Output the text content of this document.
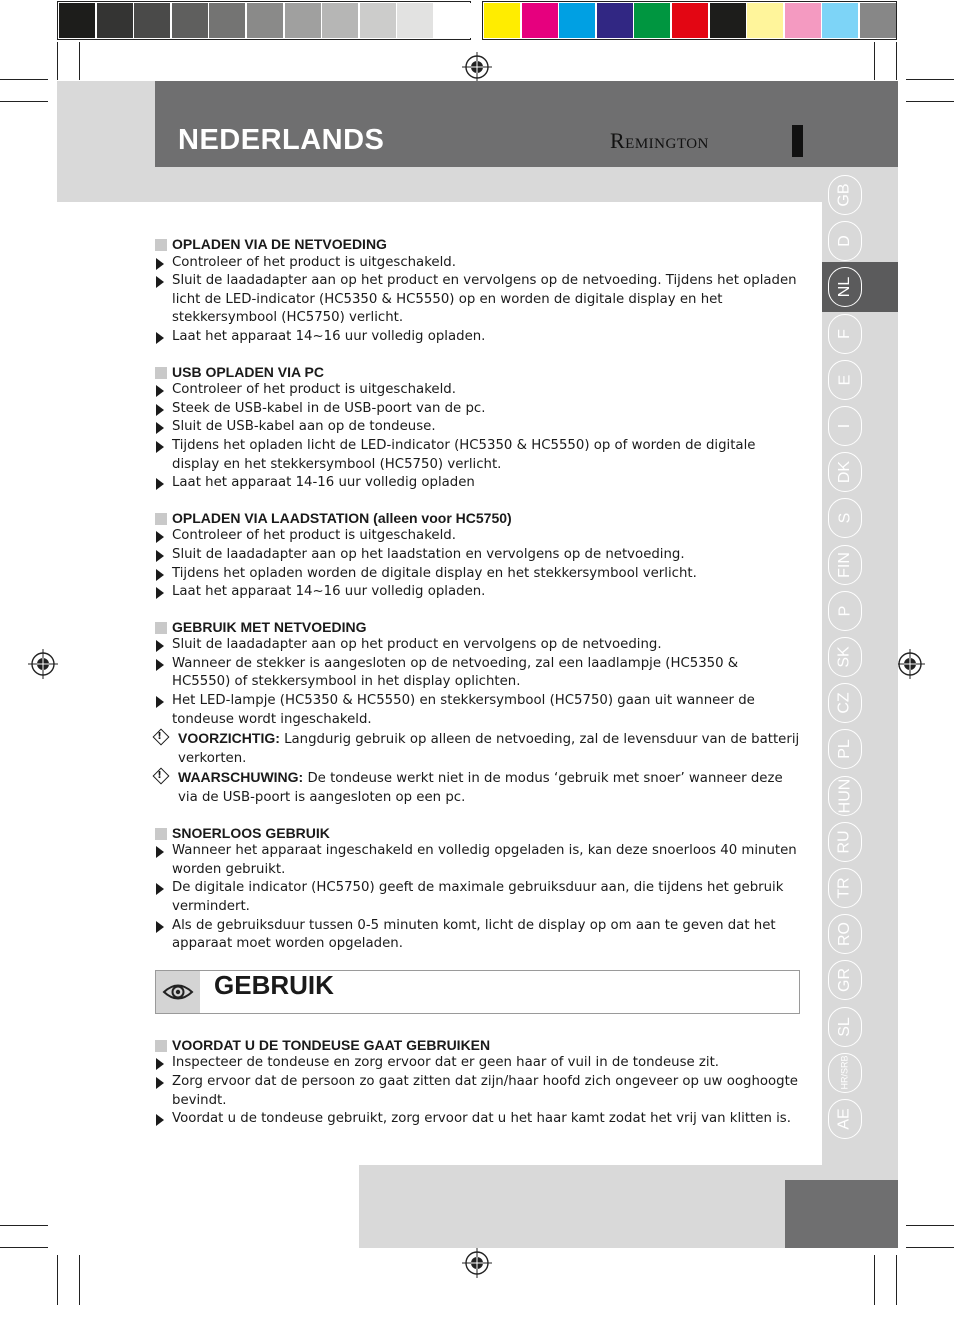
NEDERLANDS	Remington
GB
D
NL
F
E
I
DK
S
FIN
P
SK
CZ
PL
HUN
RU
TR
RO
GR
SL
HR/SRB
AE
OPLADEN VIA DE NETVOEDING
Controleer of het product is uitgeschakeld.
Sluit de laadadapter aan op het product en vervolgens op de netvoeding. Tijdens het opladen licht de LED-indicator (HC5350 & HC5550) op en worden de digitale display en het stekkersymbool (HC5750) verlicht.
Laat het apparaat 14~16 uur volledig opladen.
USB OPLADEN VIA PC
Controleer of het product is uitgeschakeld.
Steek de USB-kabel in de USB-poort van de pc.
Sluit de USB-kabel aan op de tondeuse.
Tijdens het opladen licht de LED-indicator (HC5350 & HC5550) op of worden de digitale display en het stekkersymbool (HC5750) verlicht.
Laat het apparaat 14-16 uur volledig opladen
OPLADEN VIA LAADSTATION (alleen voor HC5750)
Controleer of het product is uitgeschakeld.
Sluit de laadadapter aan op het laadstation en vervolgens op de netvoeding.
Tijdens het opladen worden de digitale display en het stekkersymbool verlicht.
Laat het apparaat 14~16 uur volledig opladen.
GEBRUIK MET NETVOEDING
Sluit de laadadapter aan op het product en vervolgens op de netvoeding.
Wanneer de stekker is aangesloten op de netvoeding, zal een laadlampje (HC5350 & HC5550) of stekkersymbool in het display oplichten.
Het LED-lampje (HC5350 & HC5550) en stekkersymbool (HC5750) gaan uit wanneer de tondeuse wordt ingeschakeld.
!
VOORZICHTIG: Langdurig gebruik op alleen de netvoeding, zal de levensduur van de batterij verkorten.
!
WAARSCHUWING: De tondeuse werkt niet in de modus ‘gebruik met snoer’ wanneer deze via de USB-poort is aangesloten op een pc.
SNOERLOOS GEBRUIK
Wanneer het apparaat ingeschakeld en volledig opgeladen is, kan deze snoerloos 40 minuten worden gebruikt.
De digitale indicator (HC5750) geeft de maximale gebruiksduur aan, die tijdens het gebruik vermindert.
Als de gebruiksduur tussen 0-5 minuten komt, licht de display op om aan te geven dat het apparaat moet worden opgeladen.
GEBRUIK
VOORDAT U DE TONDEUSE GAAT GEBRUIKEN
Inspecteer de tondeuse en zorg ervoor dat er geen haar of vuil in de tondeuse zit.
Zorg ervoor dat de persoon zo gaat zitten dat zijn/haar hoofd zich ongeveer op uw ooghoogte bevindt.
Voordat u de tondeuse gebruikt, zorg ervoor dat u het haar kamt zodat het vrij van klitten is.
